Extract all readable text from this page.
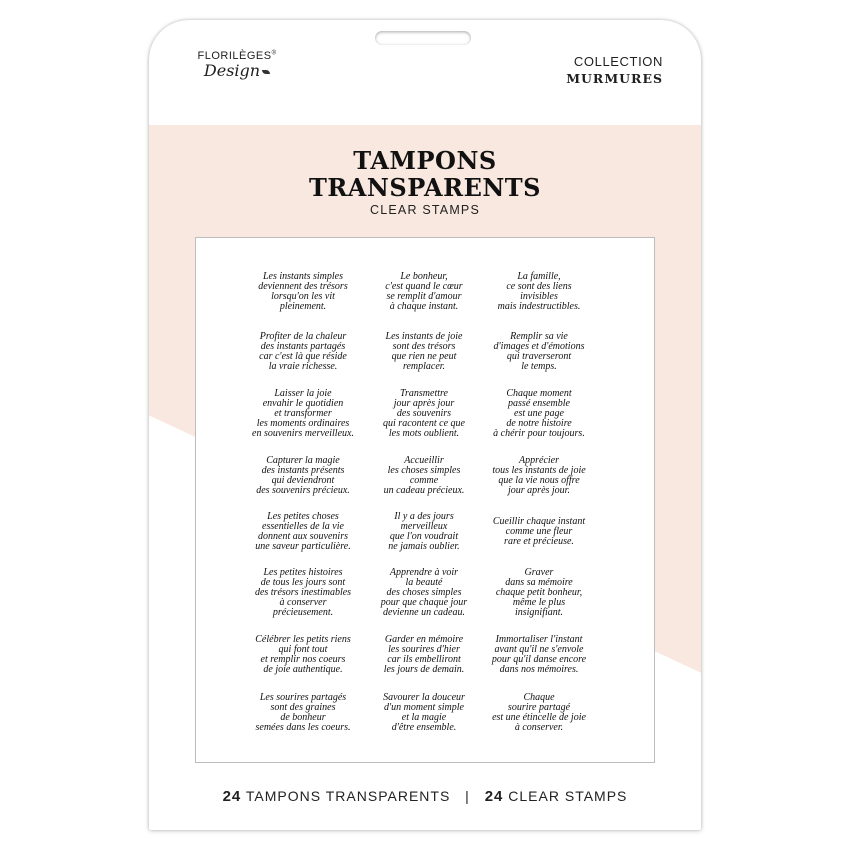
FLORILÈGES®
Design	COLLECTION
MURMURES
TAMPONS
TRANSPARENTS
CLEAR STAMPS
Les instants simples
deviennent des trésors
lorsqu'on les vit
pleinement.
Le bonheur,
c'est quand le cœur
se remplit d'amour
à chaque instant.
La famille,
ce sont des liens
invisibles
mais indestructibles.
Profiter de la chaleur
des instants partagés
car c'est là que réside
la vraie richesse.
Les instants de joie
sont des trésors
que rien ne peut
remplacer.
Remplir sa vie
d'images et d'émotions
qui traverseront
le temps.
Laisser la joie
envahir le quotidien
et transformer
les moments ordinaires
en souvenirs merveilleux.
Transmettre
jour après jour
des souvenirs
qui racontent ce que
les mots oublient.
Chaque moment
passé ensemble
est une page
de notre histoire
à chérir pour toujours.
Capturer la magie
des instants présents
qui deviendront
des souvenirs précieux.
Accueillir
les choses simples
comme
un cadeau précieux.
Apprécier
tous les instants de joie
que la vie nous offre
jour après jour.
Les petites choses
essentielles de la vie
donnent aux souvenirs
une saveur particulière.
Il y a des jours
merveilleux
que l'on voudrait
ne jamais oublier.
Cueillir chaque instant
comme une fleur
rare et précieuse.
Les petites histoires
de tous les jours sont
des trésors inestimables
à conserver
précieusement.
Apprendre à voir
la beauté
des choses simples
pour que chaque jour
devienne un cadeau.
Graver
dans sa mémoire
chaque petit bonheur,
même le plus
insignifiant.
Célébrer les petits riens
qui font tout
et remplir nos coeurs
de joie authentique.
Garder en mémoire
les sourires d'hier
car ils embelliront
les jours de demain.
Immortaliser l'instant
avant qu'il ne s'envole
pour qu'il danse encore
dans nos mémoires.
Les sourires partagés
sont des graines
de bonheur
semées dans les coeurs.
Savourer la douceur
d'un moment simple
et la magie
d'être ensemble.
Chaque
sourire partagé
est une étincelle de joie
à conserver.
24 TAMPONS TRANSPARENTS | 24 CLEAR STAMPS
